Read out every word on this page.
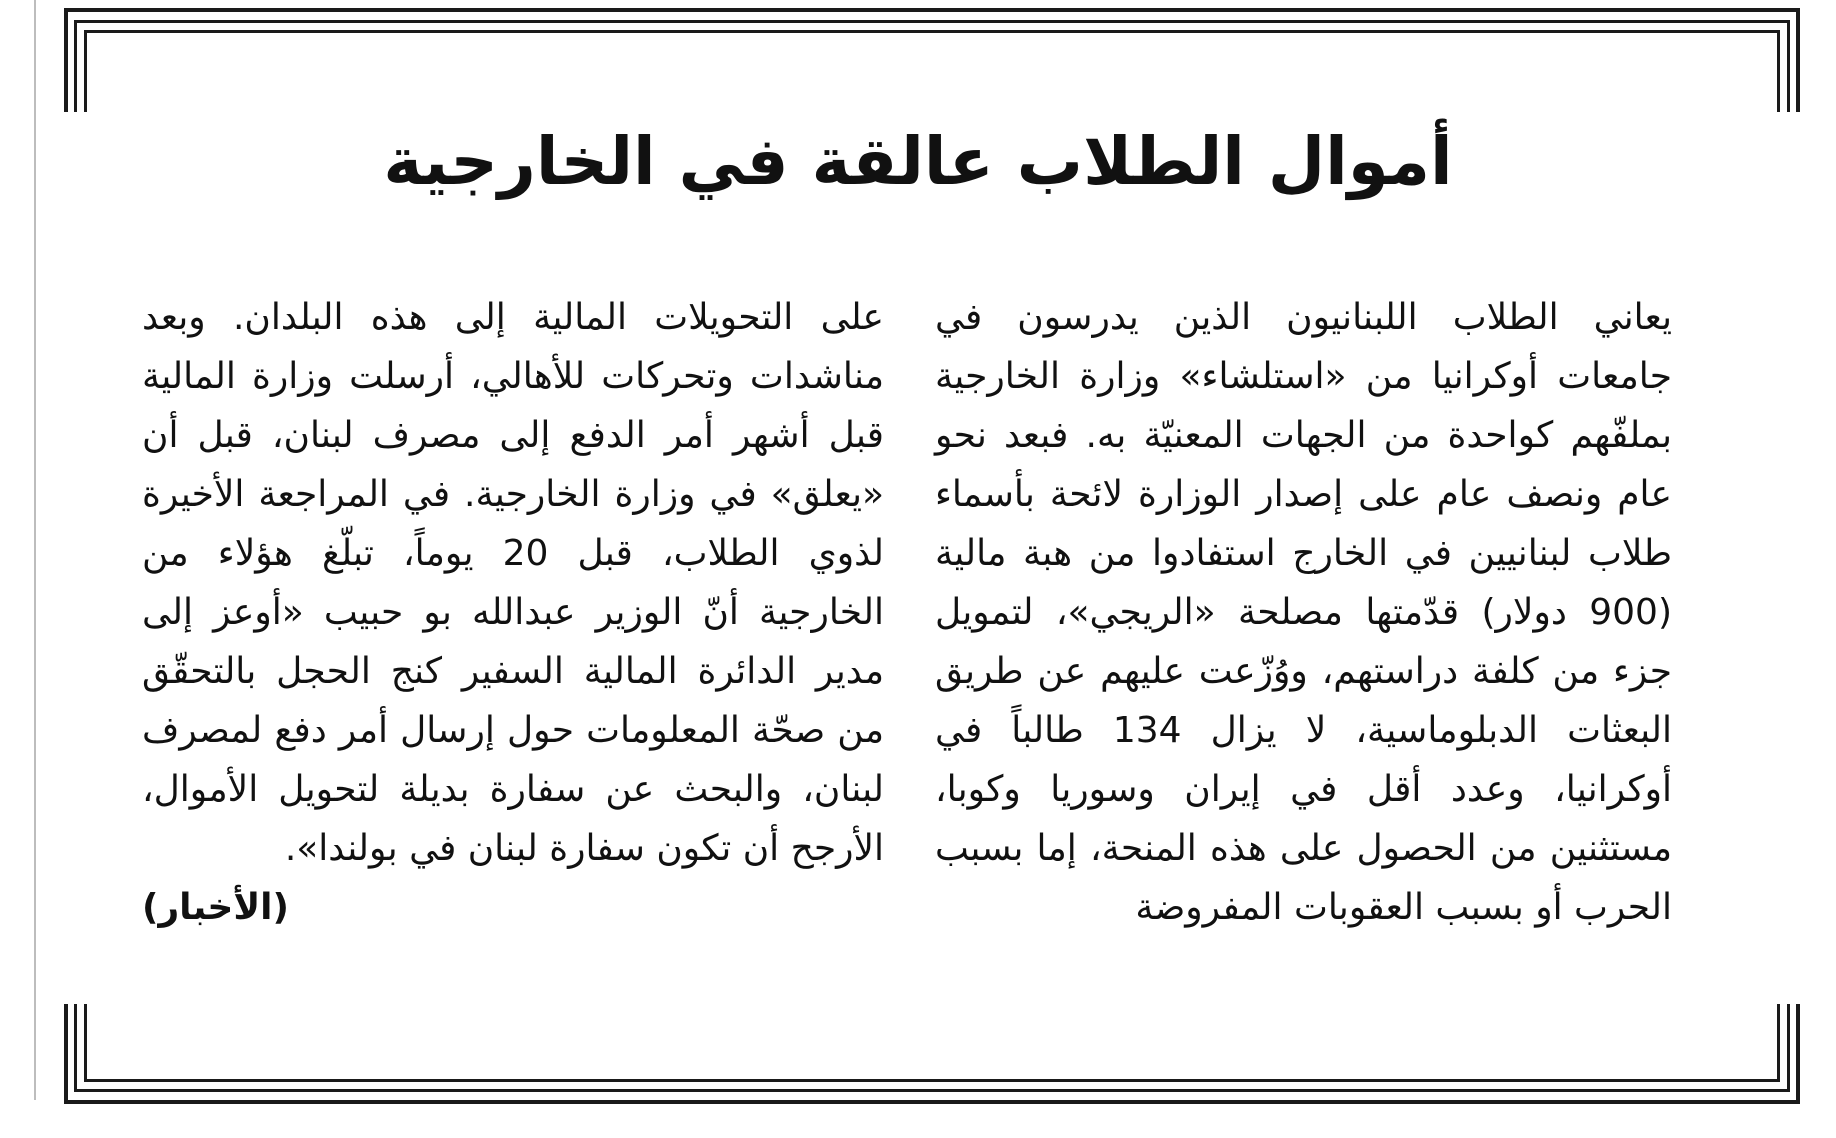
أموال الطلاب عالقة في الخارجية

يعاني الطلاب اللبنانيون الذين يدرسون في جامعات أوكرانيا من «استلشاء» وزارة الخارجية بملفّهم كواحدة من الجهات المعنيّة به. فبعد نحو عام ونصف عام على إصدار الوزارة لائحة بأسماء طلاب لبنانيين في الخارج استفادوا من هبة مالية (900 دولار) قدّمتها مصلحة «الريجي»، لتمويل جزء من كلفة دراستهم، ووُزّعت عليهم عن طريق البعثات الدبلوماسية، لا يزال 134 طالباً في أوكرانيا، وعدد أقل في إيران وسوريا وكوبا، مستثنين من الحصول على هذه المنحة، إما بسبب الحرب أو بسبب العقوبات المفروضة

على التحويلات المالية إلى هذه البلدان. وبعد مناشدات وتحركات للأهالي، أرسلت وزارة المالية قبل أشهر أمر الدفع إلى مصرف لبنان، قبل أن «يعلق» في وزارة الخارجية. في المراجعة الأخيرة لذوي الطلاب، قبل 20 يوماً، تبلّغ هؤلاء من الخارجية أنّ الوزير عبدالله بو حبيب «أوعز إلى مدير الدائرة المالية السفير كنج الحجل بالتحقّق من صحّة المعلومات حول إرسال أمر دفع لمصرف لبنان، والبحث عن سفارة بديلة لتحويل الأموال، الأرجح أن تكون سفارة لبنان في بولندا».

(الأخبار)
